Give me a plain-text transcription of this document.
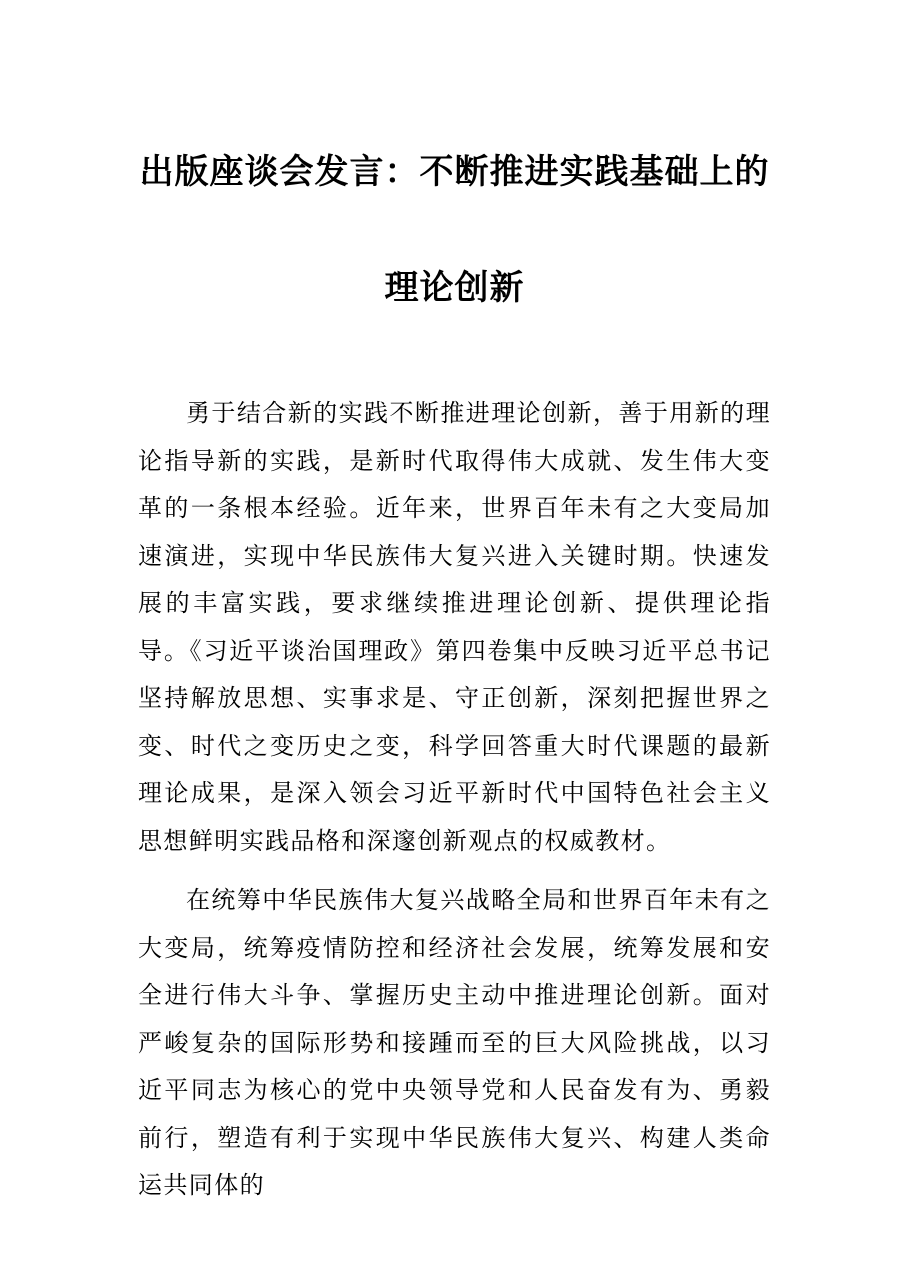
出版座谈会发言：不断推进实践基础上的
理论创新

勇于结合新的实践不断推进理论创新，善于用新的理论指导新的实践，是新时代取得伟大成就、发生伟大变革的一条根本经验。近年来，世界百年未有之大变局加速演进，实现中华民族伟大复兴进入关键时期。快速发展的丰富实践，要求继续推进理论创新、提供理论指导。《习近平谈治国理政》第四卷集中反映习近平总书记坚持解放思想、实事求是、守正创新，深刻把握世界之变、时代之变历史之变，科学回答重大时代课题的最新理论成果，是深入领会习近平新时代中国特色社会主义思想鲜明实践品格和深邃创新观点的权威教材。

在统筹中华民族伟大复兴战略全局和世界百年未有之大变局，统筹疫情防控和经济社会发展，统筹发展和安全进行伟大斗争、掌握历史主动中推进理论创新。面对严峻复杂的国际形势和接踵而至的巨大风险挑战，以习近平同志为核心的党中央领导党和人民奋发有为、勇毅前行，塑造有利于实现中华民族伟大复兴、构建人类命运共同体的
